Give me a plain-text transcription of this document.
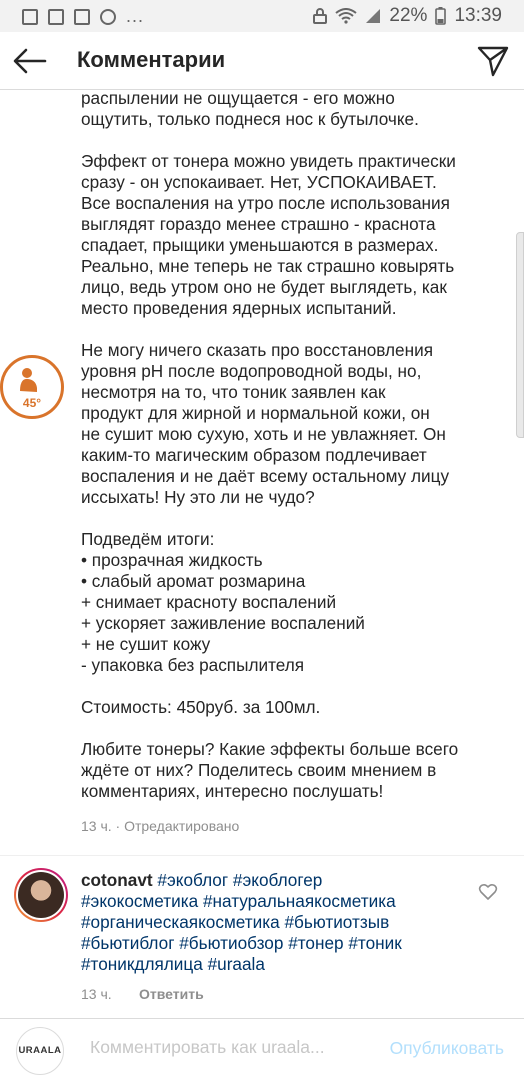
...	22% 13:39
Комментарии
45°

распылении не ощущается - его можно
ощутить, только поднеся нос к бутылочке.

Эффект от тонера можно увидеть практически
сразу - он успокаивает. Нет, УСПОКАИВАЕТ.
Все воспаления на утро после использования
выглядят гораздо менее страшно - краснота
спадает, прыщики уменьшаются в размерах.
Реально, мне теперь не так страшно ковырять
лицо, ведь утром оно не будет выглядеть, как
место проведения ядерных испытаний.

Не могу ничего сказать про восстановления
уровня pH после водопроводной воды, но,
несмотря на то, что тоник заявлен как
продукт для жирной и нормальной кожи, он
не сушит мою сухую, хоть и не увлажняет. Он
каким-то магическим образом подлечивает
воспаления и не даёт всему остальному лицу
иссыхать! Ну это ли не чудо?

Подведём итоги:
• прозрачная жидкость
• слабый аромат розмарина
+ снимает красноту воспалений
+ ускоряет заживление воспалений
+ не сушит кожу
- упаковка без распылителя

Стоимость: 450руб. за 100мл.

Любите тонеры? Какие эффекты больше всего
ждёте от них? Поделитесь своим мнением в
комментариях, интересно послушать!

13 ч. · Отредактировано
cotonavt #экоблог #экоблогер
#экокосметика #натуральнаякосметика
#органическаякосметика #бьютиотзыв
#бьютиблог #бьютиобзор #тонер #тоник
#тоникдлялица #uraala
13 ч. Ответить
URAALA
Комментировать как uraala...	Опубликовать
